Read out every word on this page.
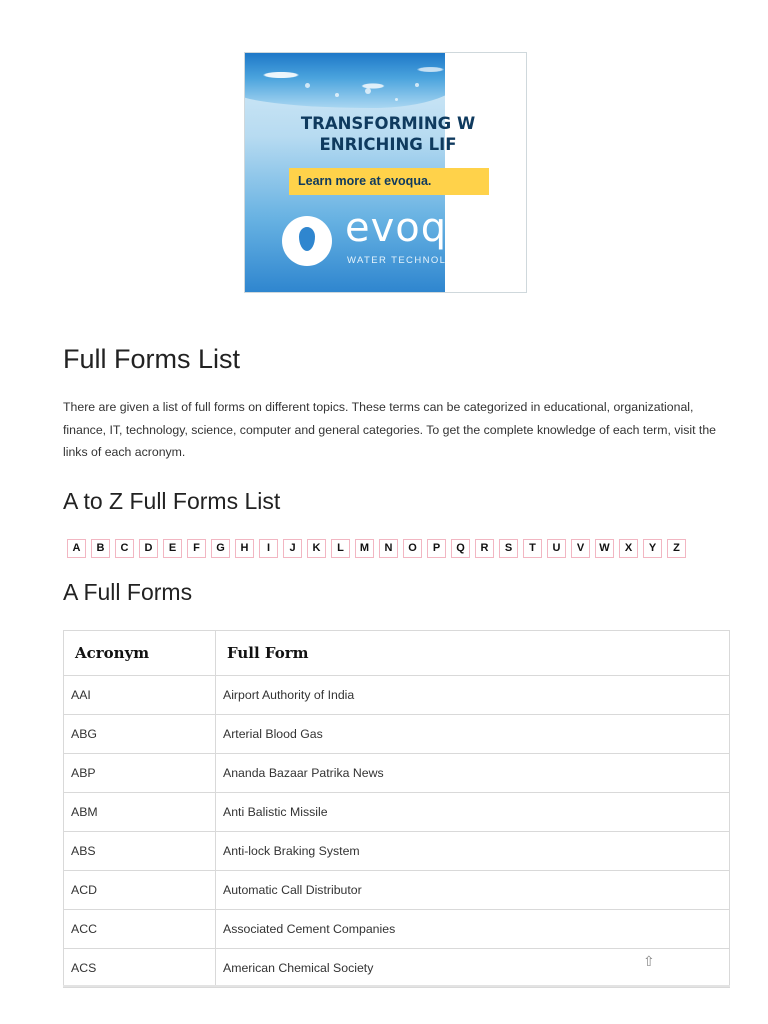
TRANSFORMING W
ENRICHING LIF
Learn more at evoqua.
evoq
WATER TECHNOL
Full Forms List

There are given a list of full forms on different topics. These terms can be categorized in educational, organizational, finance, IT, technology, science, computer and general categories. To get the complete knowledge of each term, visit the links of each acronym.

A to Z Full Forms List
A	B	C	D	E	F	G	H	I	J	K	L	M	N	O	P	Q	R	S	T	U	V	W	X	Y	Z
A Full Forms
Acronym	Full Form
AAI	Airport Authority of India
ABG	Arterial Blood Gas
ABP	Ananda Bazaar Patrika News
ABM	Anti Balistic Missile
ABS	Anti-lock Braking System
ACD	Automatic Call Distributor
ACC	Associated Cement Companies
ACS	American Chemical Society	⇧
